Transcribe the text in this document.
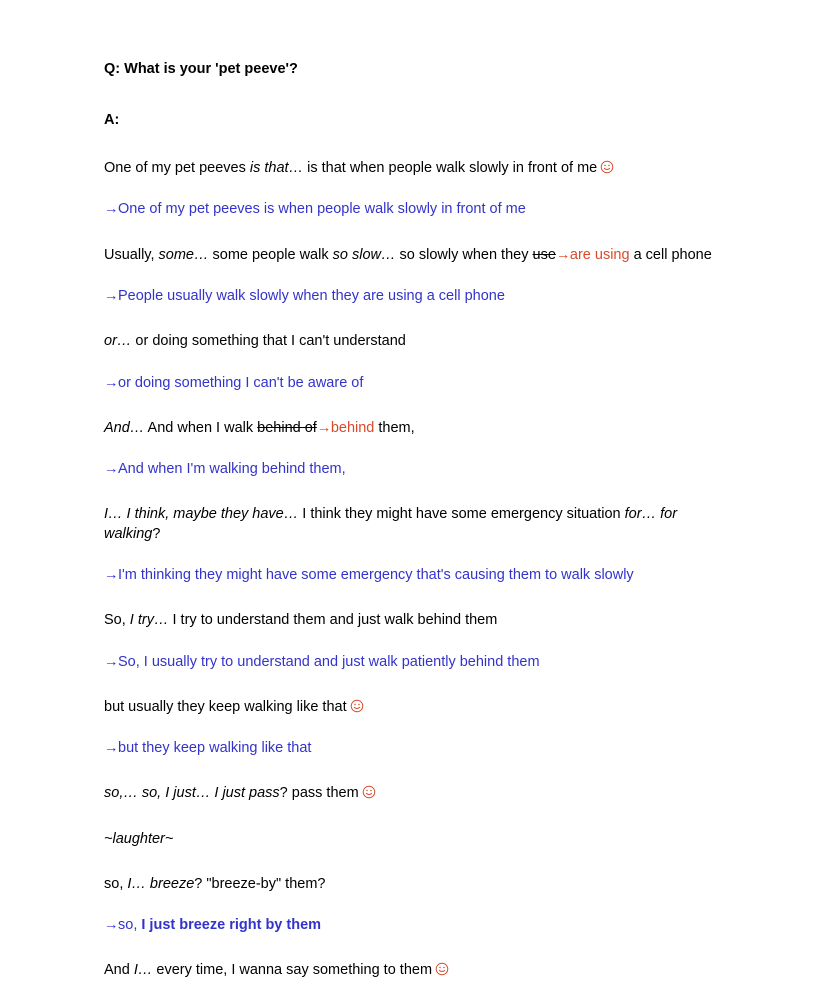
Q: What is your 'pet peeve'?

A:

One of my pet peeves is that… is that when people walk slowly in front of me

→One of my pet peeves is when people walk slowly in front of me

Usually, some… some people walk so slow… so slowly when they use→are using a cell phone

→People usually walk slowly when they are using a cell phone

or… or doing something that I can't understand

→or doing something I can't be aware of

And… And when I walk behind of→behind them,

→And when I'm walking behind them,

I… I think, maybe they have… I think they might have some emergency situation for… for walking?

→I'm thinking they might have some emergency that's causing them to walk slowly

So, I try… I try to understand them and just walk behind them

→So, I usually try to understand and just walk patiently behind them

but usually they keep walking like that

→but they keep walking like that

so,… so, I just… I just pass? pass them

~laughter~

so, I… breeze? "breeze-by" them?

→so, I just breeze right by them

And I… every time, I wanna say something to them
